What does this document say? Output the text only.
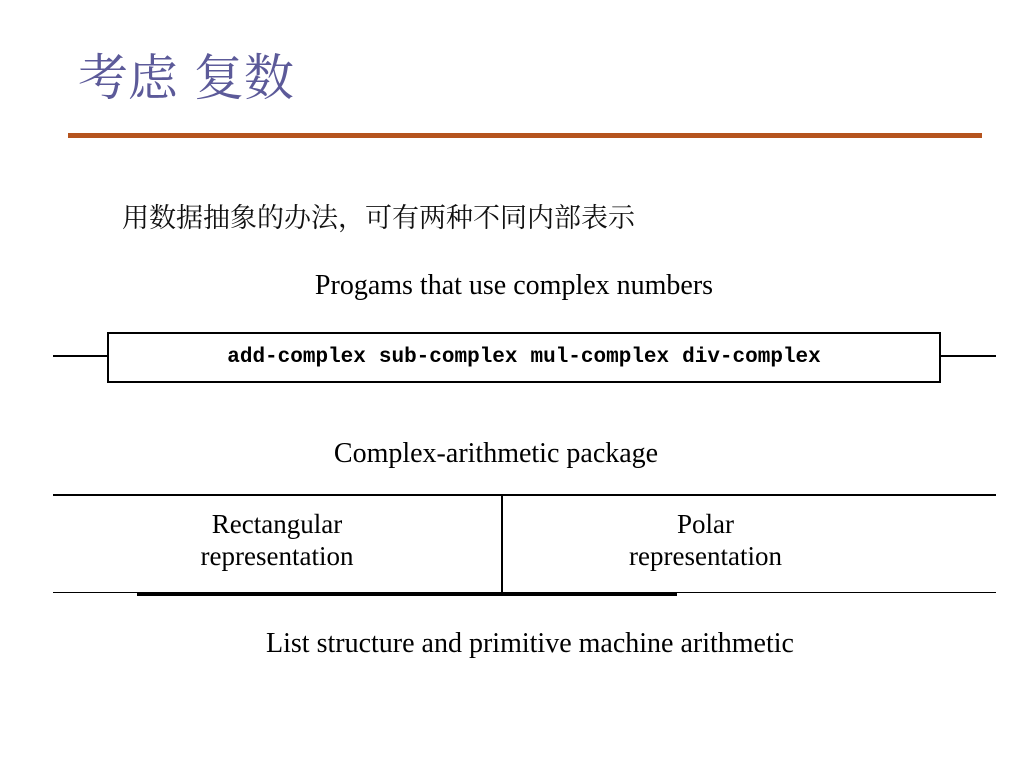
考虑 复数
用数据抽象的办法，可有两种不同内部表示
Progams that use complex numbers
add-complex sub-complex mul-complex div-complex
Complex-arithmetic package
Rectangular
representation
Polar
representation
List structure and primitive machine arithmetic
